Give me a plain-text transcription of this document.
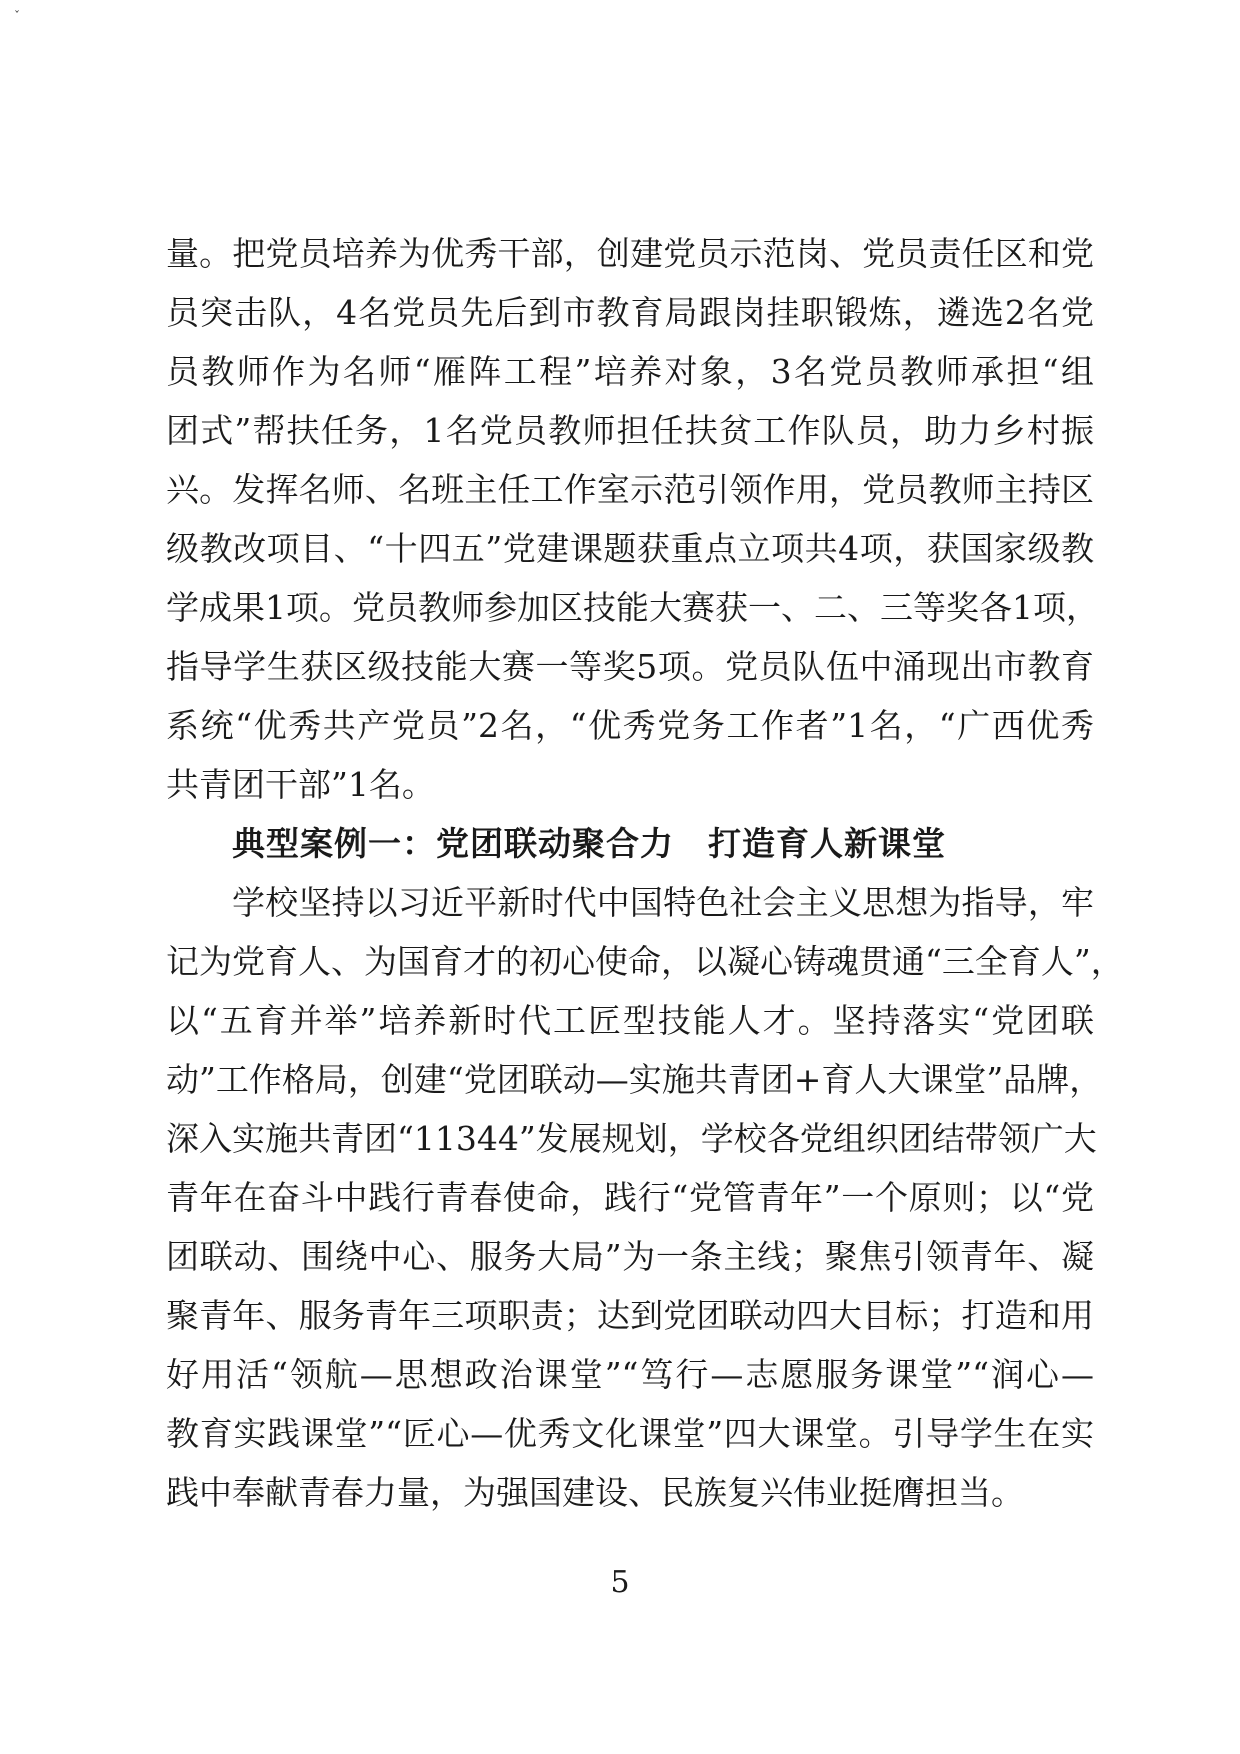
ˇ
量。把党员培养为优秀干部，创建党员示范岗、党员责任区和党
员突击队，4名党员先后到市教育局跟岗挂职锻炼，遴选2名党
员教师作为名师“雁阵工程”培养对象，3名党员教师承担“组
团式”帮扶任务，1名党员教师担任扶贫工作队员，助力乡村振
兴。发挥名师、名班主任工作室示范引领作用，党员教师主持区
级教改项目、“十四五”党建课题获重点立项共4项，获国家级教
学成果1项。党员教师参加区技能大赛获一、二、三等奖各1项，
指导学生获区级技能大赛一等奖5项。党员队伍中涌现出市教育
系统“优秀共产党员”2名，“优秀党务工作者”1名，“广西优秀
共青团干部”1名。
典型案例一：党团联动聚合力 打造育人新课堂
学校坚持以习近平新时代中国特色社会主义思想为指导，牢
记为党育人、为国育才的初心使命，以凝心铸魂贯通“三全育人”，
以“五育并举”培养新时代工匠型技能人才。坚持落实“党团联
动”工作格局，创建“党团联动—实施共青团+育人大课堂”品牌，
深入实施共青团“11344”发展规划，学校各党组织团结带领广大
青年在奋斗中践行青春使命，践行“党管青年”一个原则；以“党
团联动、围绕中心、服务大局”为一条主线；聚焦引领青年、凝
聚青年、服务青年三项职责；达到党团联动四大目标；打造和用
好用活“领航—思想政治课堂”“笃行—志愿服务课堂”“润心—
教育实践课堂”“匠心—优秀文化课堂”四大课堂。引导学生在实
践中奉献青春力量，为强国建设、民族复兴伟业挺膺担当。
5
